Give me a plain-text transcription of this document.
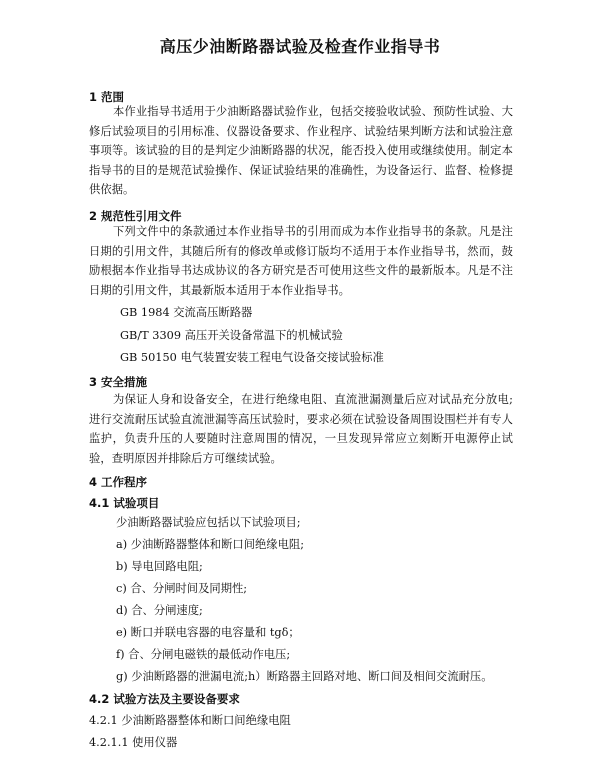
高压少油断路器试验及检查作业指导书
1 范围

本作业指导书适用于少油断路器试验作业，包括交接验收试验、预防性试验、大修后试验项目的引用标准、仪器设备要求、作业程序、试验结果判断方法和试验注意事项等。该试验的目的是判定少油断路器的状况，能否投入使用或继续使用。制定本指导书的目的是规范试验操作、保证试验结果的准确性，为设备运行、监督、检修提供依据。

2 规范性引用文件

下列文件中的条款通过本作业指导书的引用而成为本作业指导书的条款。凡是注日期的引用文件，其随后所有的修改单或修订版均不适用于本作业指导书，然而，鼓励根据本作业指导书达成协议的各方研究是否可使用这些文件的最新版本。凡是不注日期的引用文件，其最新版本适用于本作业指导书。

GB 1984 交流高压断路器

GB/T 3309 高压开关设备常温下的机械试验

GB 50150 电气装置安装工程电气设备交接试验标准

3 安全措施

为保证人身和设备安全，在进行绝缘电阻、直流泄漏测量后应对试品充分放电;进行交流耐压试验直流泄漏等高压试验时，要求必须在试验设备周围设围栏并有专人监护，负责升压的人要随时注意周围的情况，一旦发现异常应立刻断开电源停止试验，查明原因并排除后方可继续试验。

4 工作程序
4.1 试验项目

少油断路器试验应包括以下试验项目;

a) 少油断路器整体和断口间绝缘电阻;

b) 导电回路电阻;

c) 合、分闸时间及同期性;

d) 合、分闸速度;

e) 断口并联电容器的电容量和 tgδ；

f) 合、分闸电磁铁的最低动作电压;

g) 少油断路器的泄漏电流;h）断路器主回路对地、断口间及相间交流耐压。

4.2 试验方法及主要设备要求

4.2.1 少油断路器整体和断口间绝缘电阻

4.2.1.1 使用仪器
